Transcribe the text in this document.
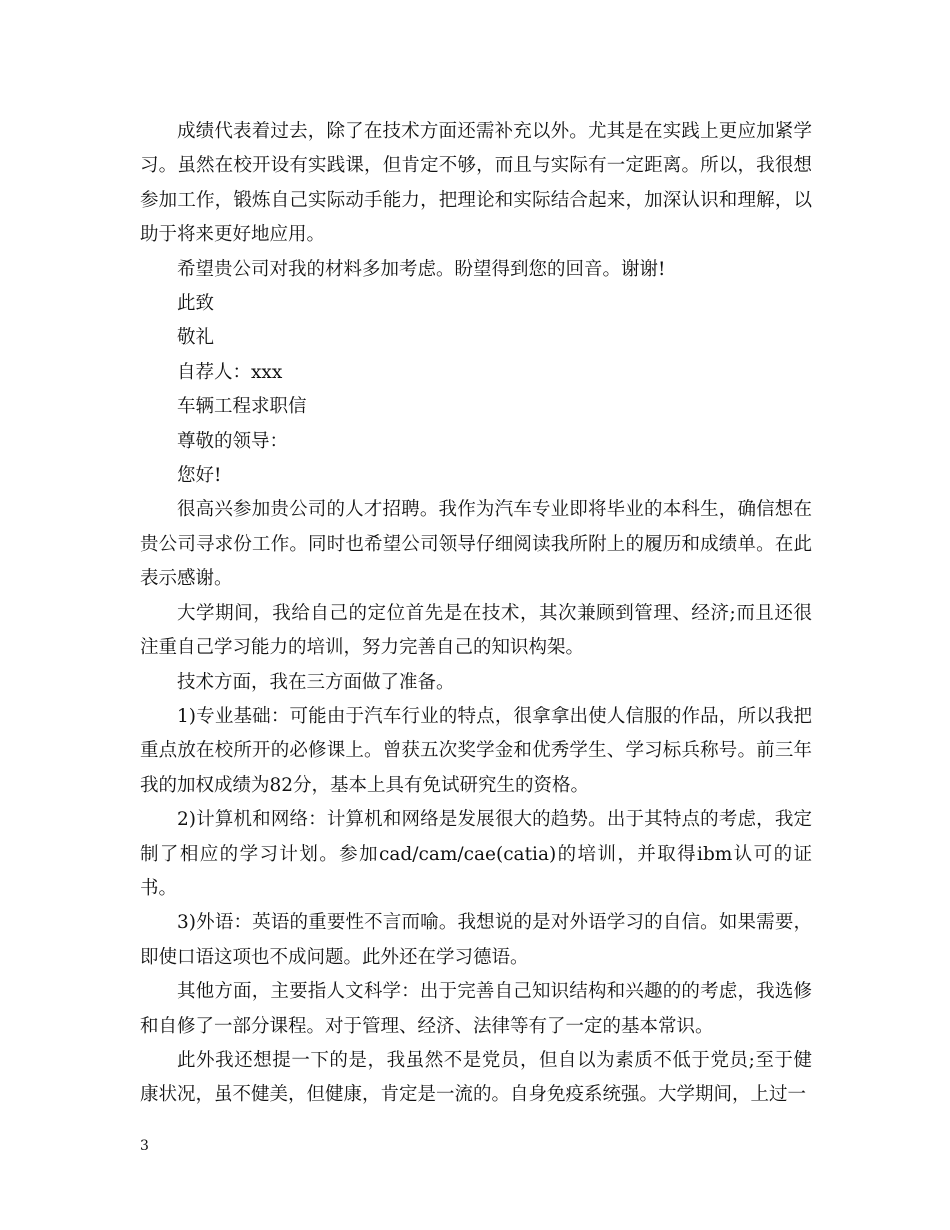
成绩代表着过去，除了在技术方面还需补充以外。尤其是在实践上更应加紧学习。虽然在校开设有实践课，但肯定不够，而且与实际有一定距离。所以，我很想参加工作，锻炼自己实际动手能力，把理论和实际结合起来，加深认识和理解，以助于将来更好地应用。

希望贵公司对我的材料多加考虑。盼望得到您的回音。谢谢!

此致

敬礼

自荐人：xxx

车辆工程求职信

尊敬的领导：

您好!

很高兴参加贵公司的人才招聘。我作为汽车专业即将毕业的本科生，确信想在贵公司寻求份工作。同时也希望公司领导仔细阅读我所附上的履历和成绩单。在此表示感谢。

大学期间，我给自己的定位首先是在技术，其次兼顾到管理、经济;而且还很注重自己学习能力的培训，努力完善自己的知识构架。

技术方面，我在三方面做了准备。

1)专业基础：可能由于汽车行业的特点，很拿拿出使人信服的作品，所以我把重点放在校所开的必修课上。曾获五次奖学金和优秀学生、学习标兵称号。前三年我的加权成绩为82分，基本上具有免试研究生的资格。

2)计算机和网络：计算机和网络是发展很大的趋势。出于其特点的考虑，我定制了相应的学习计划。参加cad/cam/cae(catia)的培训，并取得ibm认可的证书。

3)外语：英语的重要性不言而喻。我想说的是对外语学习的自信。如果需要，即使口语这项也不成问题。此外还在学习德语。

其他方面，主要指人文科学：出于完善自己知识结构和兴趣的的考虑，我选修和自修了一部分课程。对于管理、经济、法律等有了一定的基本常识。

此外我还想提一下的是，我虽然不是党员，但自以为素质不低于党员;至于健康状况，虽不健美，但健康，肯定是一流的。自身免疫系统强。大学期间，上过一

3
